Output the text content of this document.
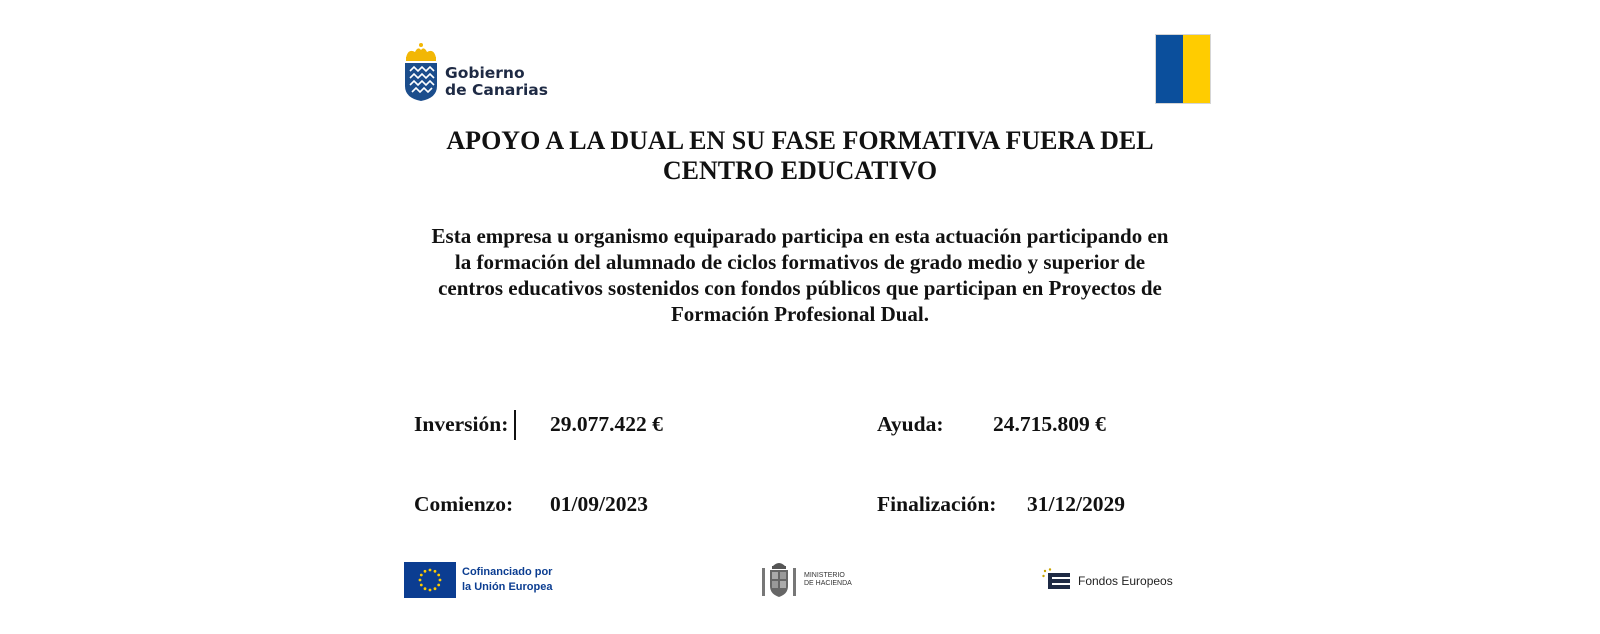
Gobierno
de Canarias
APOYO A LA DUAL EN SU FASE FORMATIVA FUERA DEL
CENTRO EDUCATIVO
Esta empresa u organismo equiparado participa en esta actuación participando en
la formación del alumnado de ciclos formativos de grado medio y superior de
centros educativos sostenidos con fondos públicos que participan en Proyectos de
Formación Profesional Dual.
Inversión: 29.077.422 €	Ayuda: 24.715.809 €
Comienzo: 01/09/2023	Finalización: 31/12/2029
Cofinanciado por
la Unión Europea
MINISTERIO
DE HACIENDA	Fondos Europeos
